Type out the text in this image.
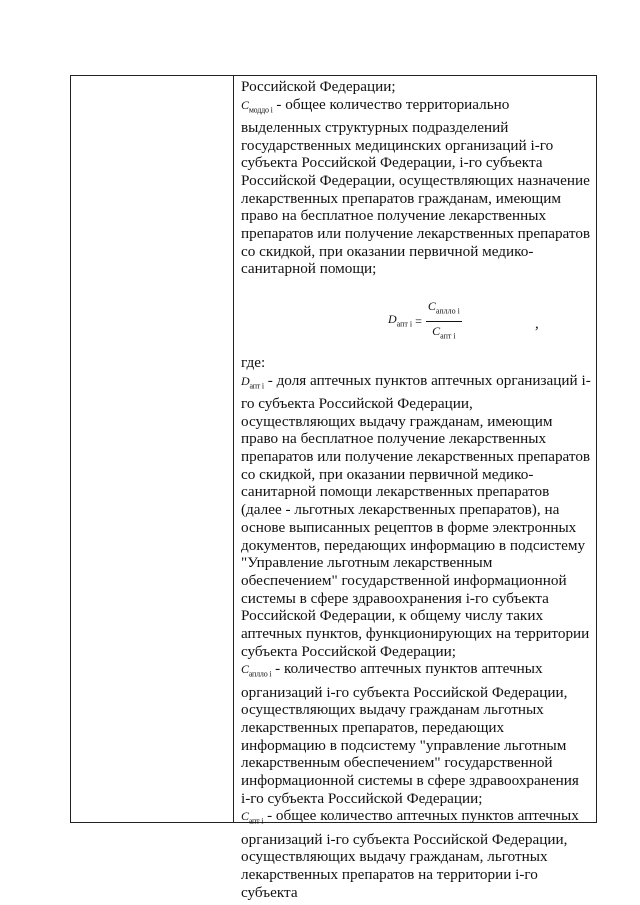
Российской Федерации;

$C_{моддо i}$ - общее количество территориально выделенных структурных подразделений государственных медицинских организаций i-го субъекта Российской Федерации, i-го субъекта Российской Федерации, осуществляющих назначение лекарственных препаратов гражданам, имеющим право на бесплатное получение лекарственных препаратов или получение лекарственных препаратов со скидкой, при оказании первичной медико-санитарной помощи;

$D_{апт i} = \frac{C_{аплло i}}{C_{апт i}}$	,

где:

$D_{апт i}$ - доля аптечных пунктов аптечных организаций i-го субъекта Российской Федерации, осуществляющих выдачу гражданам, имеющим право на бесплатное получение лекарственных препаратов или получение лекарственных препаратов со скидкой, при оказании первичной медико-санитарной помощи лекарственных препаратов (далее - льготных лекарственных препаратов), на основе выписанных рецептов в форме электронных документов, передающих информацию в подсистему "Управление льготным лекарственным обеспечением" государственной информационной системы в сфере здравоохранения i-го субъекта Российской Федерации, к общему числу таких аптечных пунктов, функционирующих на территории субъекта Российской Федерации;

$C_{аплло i}$ - количество аптечных пунктов аптечных организаций i-го субъекта Российской Федерации, осуществляющих выдачу гражданам льготных лекарственных препаратов, передающих информацию в подсистему "управление льготным лекарственным обеспечением" государственной информационной системы в сфере здравоохранения i-го субъекта Российской Федерации;

$C_{апт i}$ - общее количество аптечных пунктов аптечных организаций i-го субъекта Российской Федерации, осуществляющих выдачу гражданам, льготных лекарственных препаратов на территории i-го субъекта
